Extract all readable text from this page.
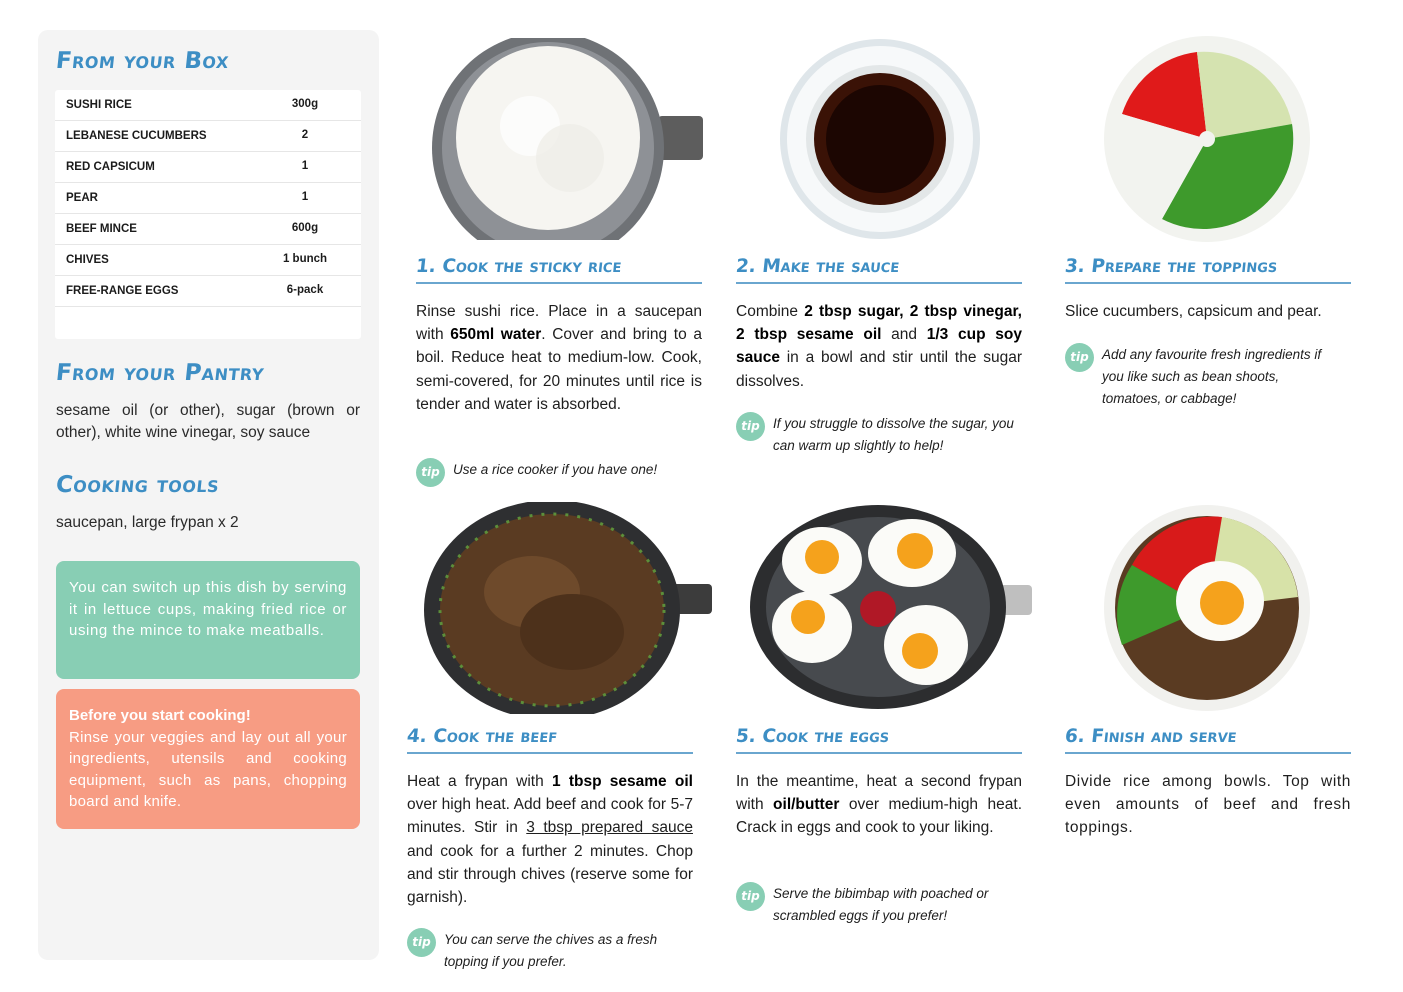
From your Box
SUSHI RICE	300g
LEBANESE CUCUMBERS	2
RED CAPSICUM	1
PEAR	1
BEEF MINCE	600g
CHIVES	1 bunch
FREE-RANGE EGGS	6-pack
From your Pantry
sesame oil (or other), sugar (brown or other), white wine vinegar, soy sauce
Cooking tools
saucepan, large frypan x 2
You can switch up this dish by serving it in lettuce cups, making fried rice or using the mince to make meatballs.
Before you start cooking!
Rinse your veggies and lay out all your ingredients, utensils and cooking equipment, such as pans, chopping board and knife.
1. Cook the sticky rice
Rinse sushi rice. Place in a saucepan with 650ml water. Cover and bring to a boil. Reduce heat to medium-low. Cook, semi-covered, for 20 minutes until rice is tender and water is absorbed.
tip Use a rice cooker if you have one!
2. Make the sauce
Combine 2 tbsp sugar, 2 tbsp vinegar, 2 tbsp sesame oil and 1/3 cup soy sauce in a bowl and stir until the sugar dissolves.
tip If you struggle to dissolve the sugar, you can warm up slightly to help!
3. Prepare the toppings
Slice cucumbers, capsicum and pear.
tip Add any favourite fresh ingredients if you like such as bean shoots, tomatoes, or cabbage!
4. Cook the beef
Heat a frypan with 1 tbsp sesame oil over high heat. Add beef and cook for 5-7 minutes. Stir in 3 tbsp prepared sauce and cook for a further 2 minutes. Chop and stir through chives (reserve some for garnish).
tip You can serve the chives as a fresh topping if you prefer.
5. Cook the eggs
In the meantime, heat a second frypan with oil/butter over medium-high heat. Crack in eggs and cook to your liking.
tip Serve the bibimbap with poached or scrambled eggs if you prefer!
6. Finish and serve
Divide rice among bowls. Top with even amounts of beef and fresh toppings.
